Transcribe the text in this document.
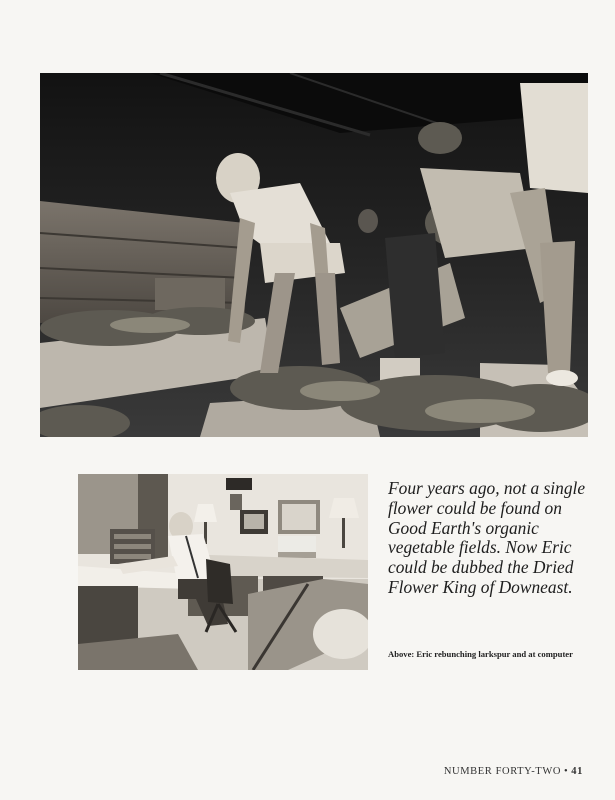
Four years ago, not a single flower could be found on Good Earth's organic vegetable fields. Now Eric could be dubbed the Dried Flower King of Downeast.

Above: Eric rebunching larkspur and at computer

NUMBER FORTY-TWO • 41
